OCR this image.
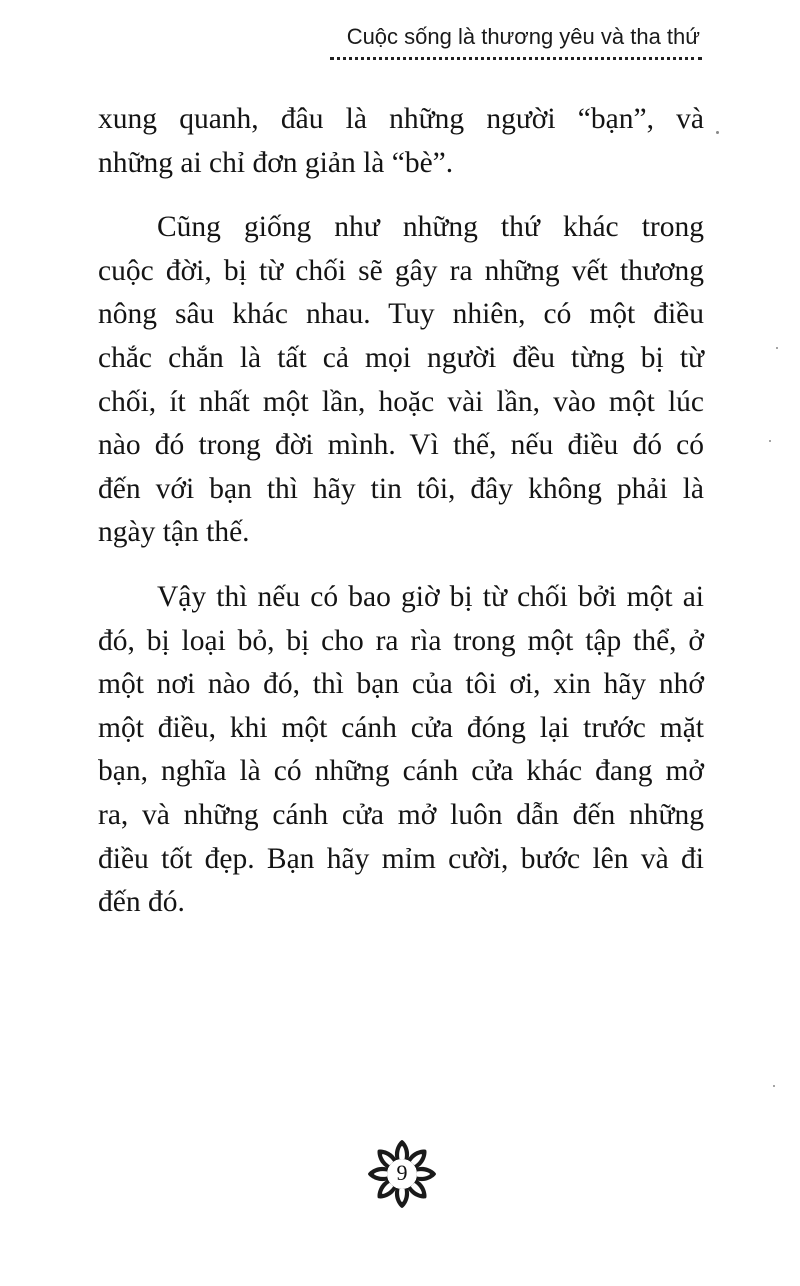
Cuộc sống là thương yêu và tha thứ

xung quanh, đâu là những người “bạn”, và
những ai chỉ đơn giản là “bè”.

Cũng giống như những thứ khác trong
cuộc đời, bị từ chối sẽ gây ra những vết thương
nông sâu khác nhau. Tuy nhiên, có một điều
chắc chắn là tất cả mọi người đều từng bị từ
chối, ít nhất một lần, hoặc vài lần, vào một lúc
nào đó trong đời mình. Vì thế, nếu điều đó có
đến với bạn thì hãy tin tôi, đây không phải là
ngày tận thế.

Vậy thì nếu có bao giờ bị từ chối bởi một ai
đó, bị loại bỏ, bị cho ra rìa trong một tập thể, ở
một nơi nào đó, thì bạn của tôi ơi, xin hãy nhớ
một điều, khi một cánh cửa đóng lại trước mặt
bạn, nghĩa là có những cánh cửa khác đang mở
ra, và những cánh cửa mở luôn dẫn đến những
điều tốt đẹp. Bạn hãy mỉm cười, bước lên và đi
đến đó.

9
